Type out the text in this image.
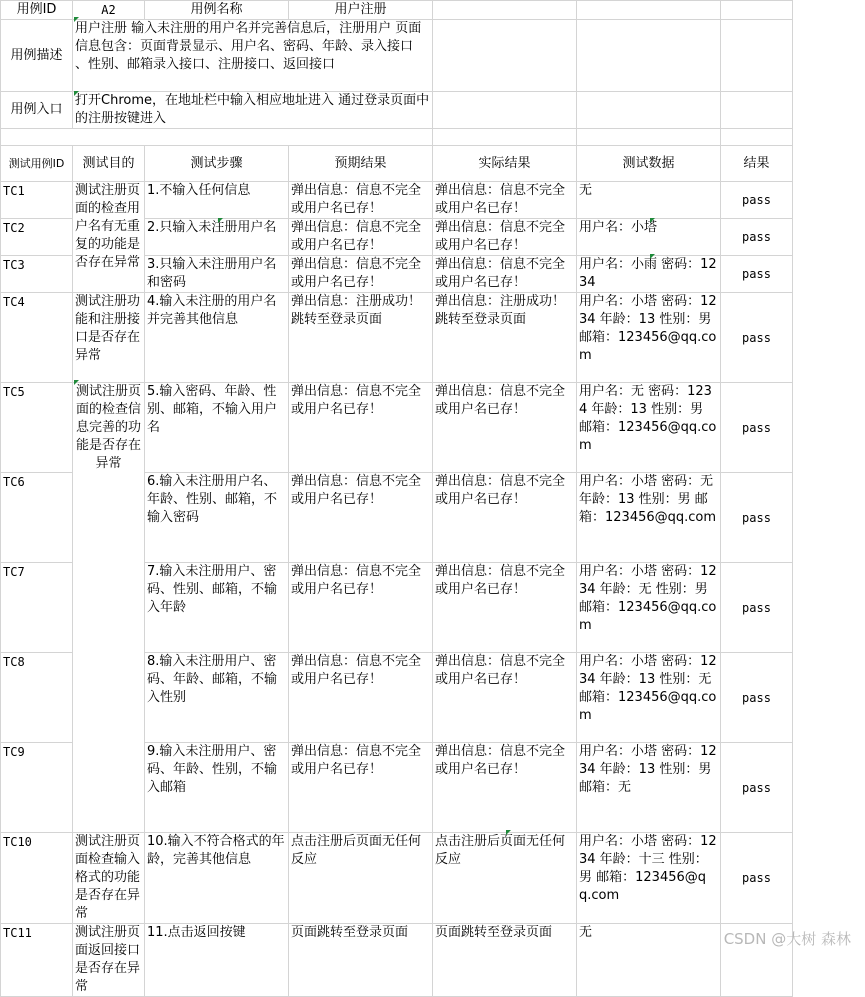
用例ID	A2	用例名称	用户注册			
用例描述	用户注册 输入未注册的用户名并完善信息后，注册用户 页面信息包含：页面背景显示、用户名、密码、年龄、录入接口 、性别、邮箱录入接口、注册接口、返回接口					
用例入口	打开Chrome，在地址栏中输入相应地址进入 通过登录页面中的注册按键进入					

测试用例ID	测试目的	测试步骤	预期结果	实际结果	测试数据	结果
TC1	测试注册页面的检查用户名有无重复的功能是否存在异常	1.不输入任何信息	弹出信息：信息不完全或用户名已存！	弹出信息：信息不完全或用户名已存！	无	pass
TC2		2.只输入未注册用户名	弹出信息：信息不完全或用户名已存！	弹出信息：信息不完全或用户名已存！	用户名：小塔	pass
TC3		3.只输入未注册用户名和密码	弹出信息：信息不完全或用户名已存！	弹出信息：信息不完全或用户名已存！	用户名：小雨 密码：1234	pass
TC4	测试注册功能和注册接口是否存在异常	4.输入未注册的用户名并完善其他信息	弹出信息：注册成功！跳转至登录页面	弹出信息：注册成功！跳转至登录页面	用户名：小塔 密码：1234 年龄：13 性别：男 邮箱：123456@qq.com	pass
TC5	测试注册页面的检查信息完善的功能是否存在异常	5.输入密码、年龄、性别、邮箱，不输入用户名	弹出信息：信息不完全或用户名已存！	弹出信息：信息不完全或用户名已存！	用户名：无 密码：1234 年龄：13 性别：男 邮箱：123456@qq.com	pass
TC6		6.输入未注册用户名、年龄、性别、邮箱，不输入密码	弹出信息：信息不完全或用户名已存！	弹出信息：信息不完全或用户名已存！	用户名：小塔 密码：无 年龄：13 性别：男 邮箱：123456@qq.com	pass
TC7		7.输入未注册用户、密码、性别、邮箱，不输入年龄	弹出信息：信息不完全或用户名已存！	弹出信息：信息不完全或用户名已存！	用户名：小塔 密码：1234 年龄：无 性别：男 邮箱：123456@qq.com	pass
TC8		8.输入未注册用户、密码、年龄、邮箱，不输入性别	弹出信息：信息不完全或用户名已存！	弹出信息：信息不完全或用户名已存！	用户名：小塔 密码：1234 年龄：13 性别：无 邮箱：123456@qq.com	pass
TC9		9.输入未注册用户、密码、年龄、性别，不输入邮箱	弹出信息：信息不完全或用户名已存！	弹出信息：信息不完全或用户名已存！	用户名：小塔 密码：1234 年龄：13 性别：男 邮箱：无	pass
TC10	测试注册页面检查输入格式的功能是否存在异常	10.输入不符合格式的年龄，完善其他信息	点击注册后页面无任何反应	点击注册后页面无任何反应	用户名：小塔 密码：1234 年龄：十三 性别：男 邮箱：123456@qq.com	pass
TC11	测试注册页面返回接口是否存在异常	11.点击返回按键	页面跳转至登录页面	页面跳转至登录页面	无		CSDN @大树 森林
